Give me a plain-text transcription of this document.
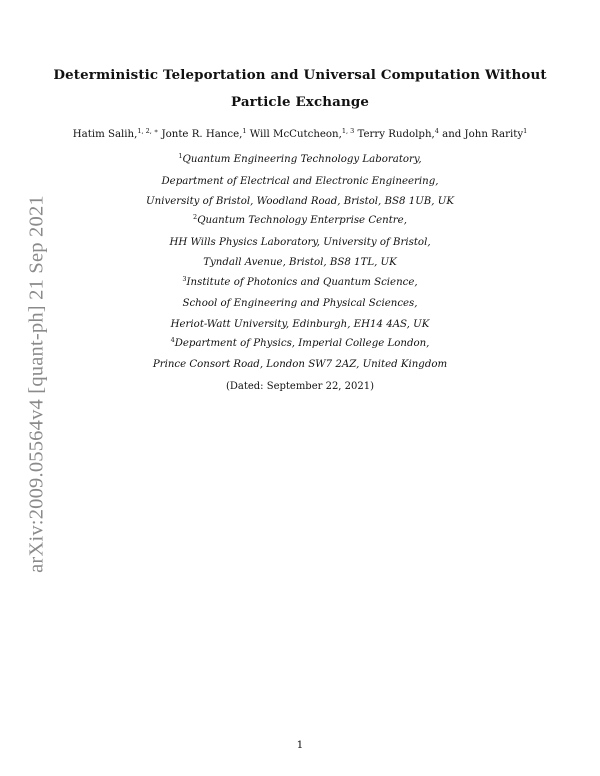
arXiv:2009.05564v4 [quant-ph] 21 Sep 2021
Deterministic Teleportation and Universal Computation Without
Particle Exchange
Hatim Salih,$^{1, 2, ∗}$ Jonte R. Hance,$^1$ Will McCutcheon,$^{1, 3}$ Terry Rudolph,$^4$ and John Rarity$^1$
$^1$Quantum Engineering Technology Laboratory,
Department of Electrical and Electronic Engineering,
University of Bristol, Woodland Road, Bristol, BS8 1UB, UK
$^2$Quantum Technology Enterprise Centre,
HH Wills Physics Laboratory, University of Bristol,
Tyndall Avenue, Bristol, BS8 1TL, UK
$^3$Institute of Photonics and Quantum Science,
School of Engineering and Physical Sciences,
Heriot-Watt University, Edinburgh, EH14 4AS, UK
$^4$Department of Physics, Imperial College London,
Prince Consort Road, London SW7 2AZ, United Kingdom
(Dated: September 22, 2021)
1
